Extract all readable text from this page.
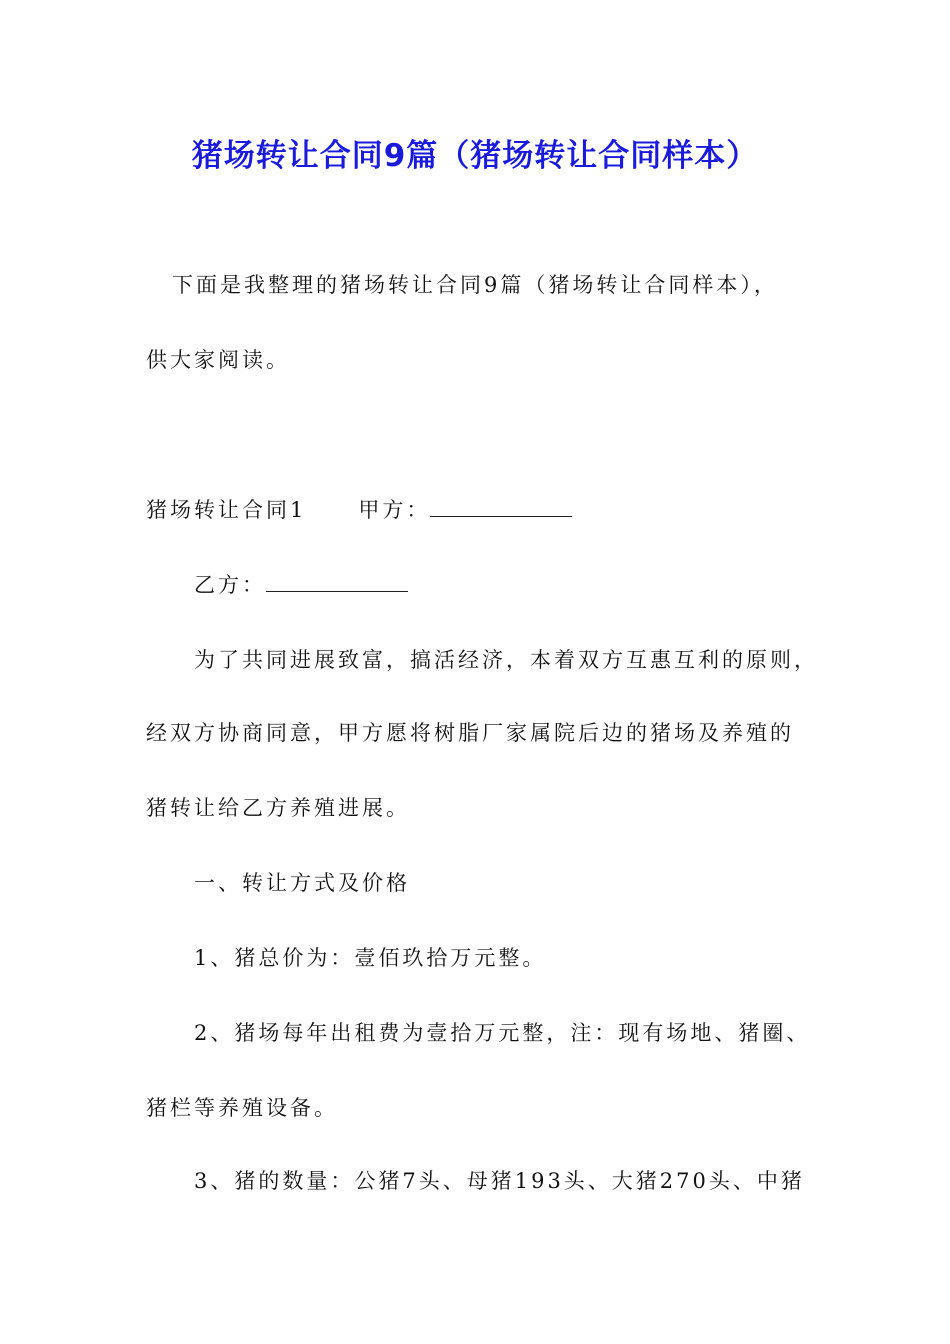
猪场转让合同9篇（猪场转让合同样本）
下面是我整理的猪场转让合同9篇（猪场转让合同样本），
供大家阅读。
猪场转让合同1 甲方：
乙方：
为了共同进展致富，搞活经济，本着双方互惠互利的原则，
经双方协商同意，甲方愿将树脂厂家属院后边的猪场及养殖的
猪转让给乙方养殖进展。
一、转让方式及价格
1、猪总价为：壹佰玖拾万元整。
2、猪场每年出租费为壹拾万元整，注：现有场地、猪圈、
猪栏等养殖设备。
3、猪的数量：公猪7头、母猪193头、大猪270头、中猪
